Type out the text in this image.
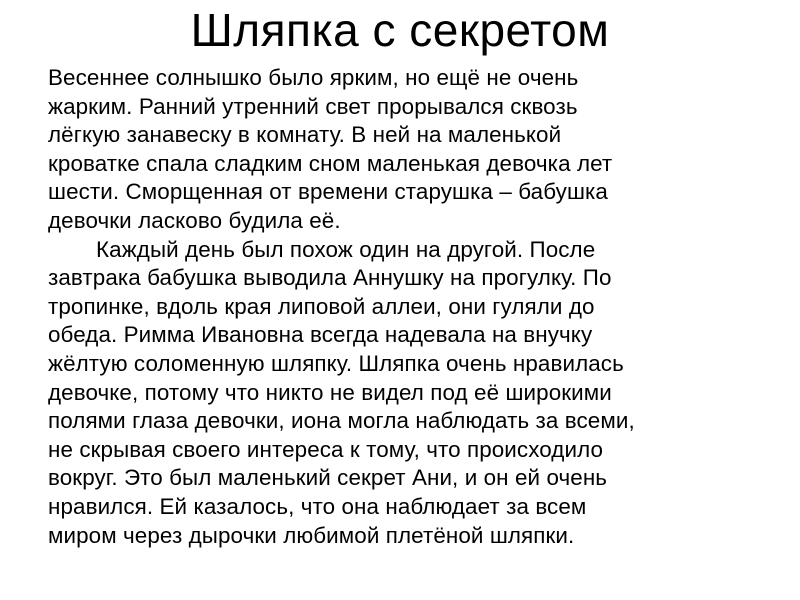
Шляпка с секретом
Весеннее солнышко было ярким, но ещё не очень
жарким. Ранний утренний свет прорывался сквозь
лёгкую занавеску в комнату. В ней на маленькой
кроватке спала сладким сном маленькая девочка лет
шести. Сморщенная от времени старушка – бабушка
девочки ласково будила её.
Каждый день был похож один на другой. После
завтрака бабушка выводила Аннушку на прогулку. По
тропинке, вдоль края липовой аллеи, они гуляли до
обеда. Римма Ивановна всегда надевала на внучку
жёлтую соломенную шляпку. Шляпка очень нравилась
девочке, потому что никто не видел под её широкими
полями глаза девочки, иона могла наблюдать за всеми,
не скрывая своего интереса к тому, что происходило
вокруг. Это был маленький секрет Ани, и он ей очень
нравился. Ей казалось, что она наблюдает за всем
миром через дырочки любимой плетёной шляпки.
